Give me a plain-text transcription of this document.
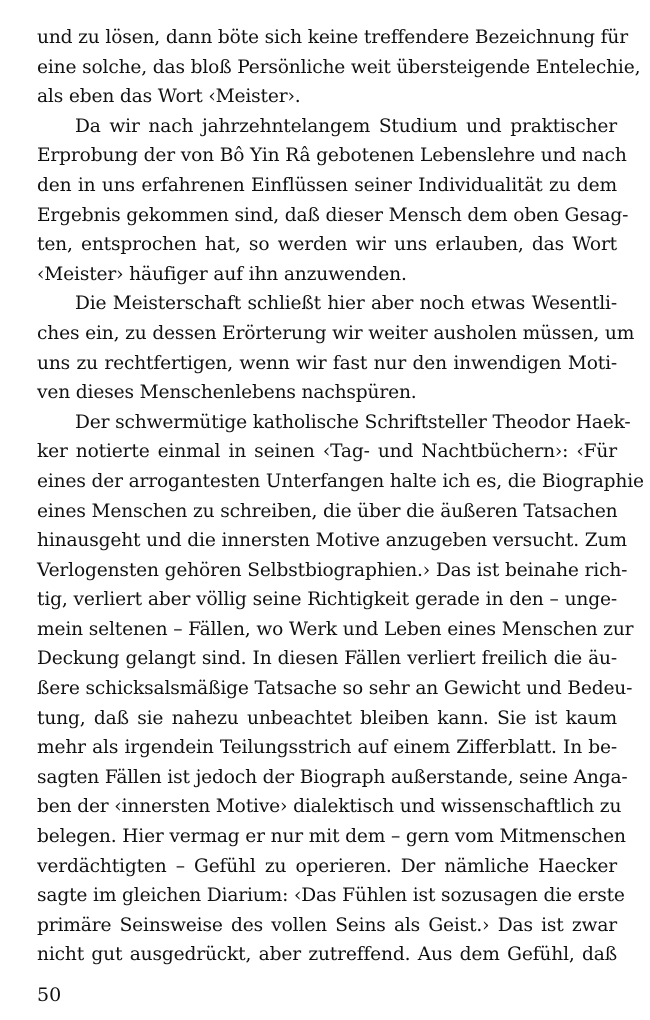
und zu lösen, dann böte sich keine treffendere Bezeichnung für
eine solche, das bloß Persönliche weit übersteigende Entelechie,
als eben das Wort ‹Meister›.
Da wir nach jahrzehntelangem Studium und praktischer
Erprobung der von Bô Yin Râ gebotenen Lebenslehre und nach
den in uns erfahrenen Einflüssen seiner Individualität zu dem
Ergebnis gekommen sind, daß dieser Mensch dem oben Gesag-
ten, entsprochen hat, so werden wir uns erlauben, das Wort
‹Meister› häufiger auf ihn anzuwenden.
Die Meisterschaft schließt hier aber noch etwas Wesentli-
ches ein, zu dessen Erörterung wir weiter ausholen müssen, um
uns zu rechtfertigen, wenn wir fast nur den inwendigen Moti-
ven dieses Menschenlebens nachspüren.
Der schwermütige katholische Schriftsteller Theodor Haek-
ker notierte einmal in seinen ‹Tag- und Nachtbüchern›: ‹Für
eines der arrogantesten Unterfangen halte ich es, die Biographie
eines Menschen zu schreiben, die über die äußeren Tatsachen
hinausgeht und die innersten Motive anzugeben versucht. Zum
Verlogensten gehören Selbstbiographien.› Das ist beinahe rich-
tig, verliert aber völlig seine Richtigkeit gerade in den – unge-
mein seltenen – Fällen, wo Werk und Leben eines Menschen zur
Deckung gelangt sind. In diesen Fällen verliert freilich die äu-
ßere schicksalsmäßige Tatsache so sehr an Gewicht und Bedeu-
tung, daß sie nahezu unbeachtet bleiben kann. Sie ist kaum
mehr als irgendein Teilungsstrich auf einem Zifferblatt. In be-
sagten Fällen ist jedoch der Biograph außerstande, seine Anga-
ben der ‹innersten Motive› dialektisch und wissenschaftlich zu
belegen. Hier vermag er nur mit dem – gern vom Mitmenschen
verdächtigten – Gefühl zu operieren. Der nämliche Haecker
sagte im gleichen Diarium: ‹Das Fühlen ist sozusagen die erste
primäre Seinsweise des vollen Seins als Geist.› Das ist zwar
nicht gut ausgedrückt, aber zutreffend. Aus dem Gefühl, daß
50
